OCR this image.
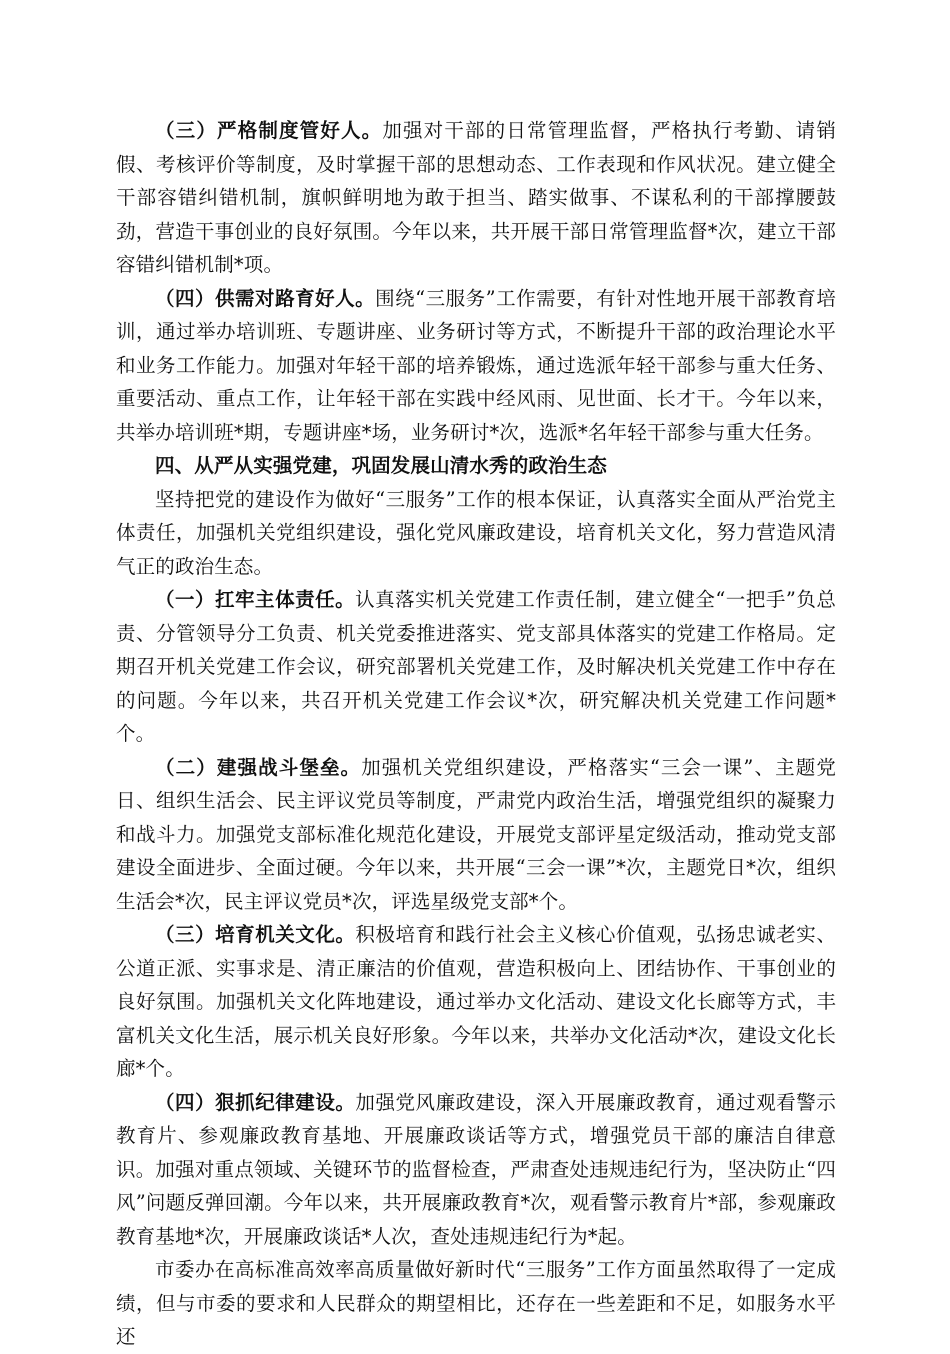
（三）严格制度管好人。加强对干部的日常管理监督，严格执行考勤、请销假、考核评价等制度，及时掌握干部的思想动态、工作表现和作风状况。建立健全干部容错纠错机制，旗帜鲜明地为敢于担当、踏实做事、不谋私利的干部撑腰鼓劲，营造干事创业的良好氛围。今年以来，共开展干部日常管理监督*次，建立干部容错纠错机制*项。

（四）供需对路育好人。围绕“三服务”工作需要，有针对性地开展干部教育培训，通过举办培训班、专题讲座、业务研讨等方式，不断提升干部的政治理论水平和业务工作能力。加强对年轻干部的培养锻炼，通过选派年轻干部参与重大任务、重要活动、重点工作，让年轻干部在实践中经风雨、见世面、长才干。今年以来，共举办培训班*期，专题讲座*场，业务研讨*次，选派*名年轻干部参与重大任务。

四、从严从实强党建，巩固发展山清水秀的政治生态

坚持把党的建设作为做好“三服务”工作的根本保证，认真落实全面从严治党主体责任，加强机关党组织建设，强化党风廉政建设，培育机关文化，努力营造风清气正的政治生态。

（一）扛牢主体责任。认真落实机关党建工作责任制，建立健全“一把手”负总责、分管领导分工负责、机关党委推进落实、党支部具体落实的党建工作格局。定期召开机关党建工作会议，研究部署机关党建工作，及时解决机关党建工作中存在的问题。今年以来，共召开机关党建工作会议*次，研究解决机关党建工作问题*个。

（二）建强战斗堡垒。加强机关党组织建设，严格落实“三会一课”、主题党日、组织生活会、民主评议党员等制度，严肃党内政治生活，增强党组织的凝聚力和战斗力。加强党支部标准化规范化建设，开展党支部评星定级活动，推动党支部建设全面进步、全面过硬。今年以来，共开展“三会一课”*次，主题党日*次，组织生活会*次，民主评议党员*次，评选星级党支部*个。

（三）培育机关文化。积极培育和践行社会主义核心价值观，弘扬忠诚老实、公道正派、实事求是、清正廉洁的价值观，营造积极向上、团结协作、干事创业的良好氛围。加强机关文化阵地建设，通过举办文化活动、建设文化长廊等方式，丰富机关文化生活，展示机关良好形象。今年以来，共举办文化活动*次，建设文化长廊*个。

（四）狠抓纪律建设。加强党风廉政建设，深入开展廉政教育，通过观看警示教育片、参观廉政教育基地、开展廉政谈话等方式，增强党员干部的廉洁自律意识。加强对重点领域、关键环节的监督检查，严肃查处违规违纪行为，坚决防止“四风”问题反弹回潮。今年以来，共开展廉政教育*次，观看警示教育片*部，参观廉政教育基地*次，开展廉政谈话*人次，查处违规违纪行为*起。

市委办在高标准高效率高质量做好新时代“三服务”工作方面虽然取得了一定成绩，但与市委的要求和人民群众的期望相比，还存在一些差距和不足，如服务水平还
